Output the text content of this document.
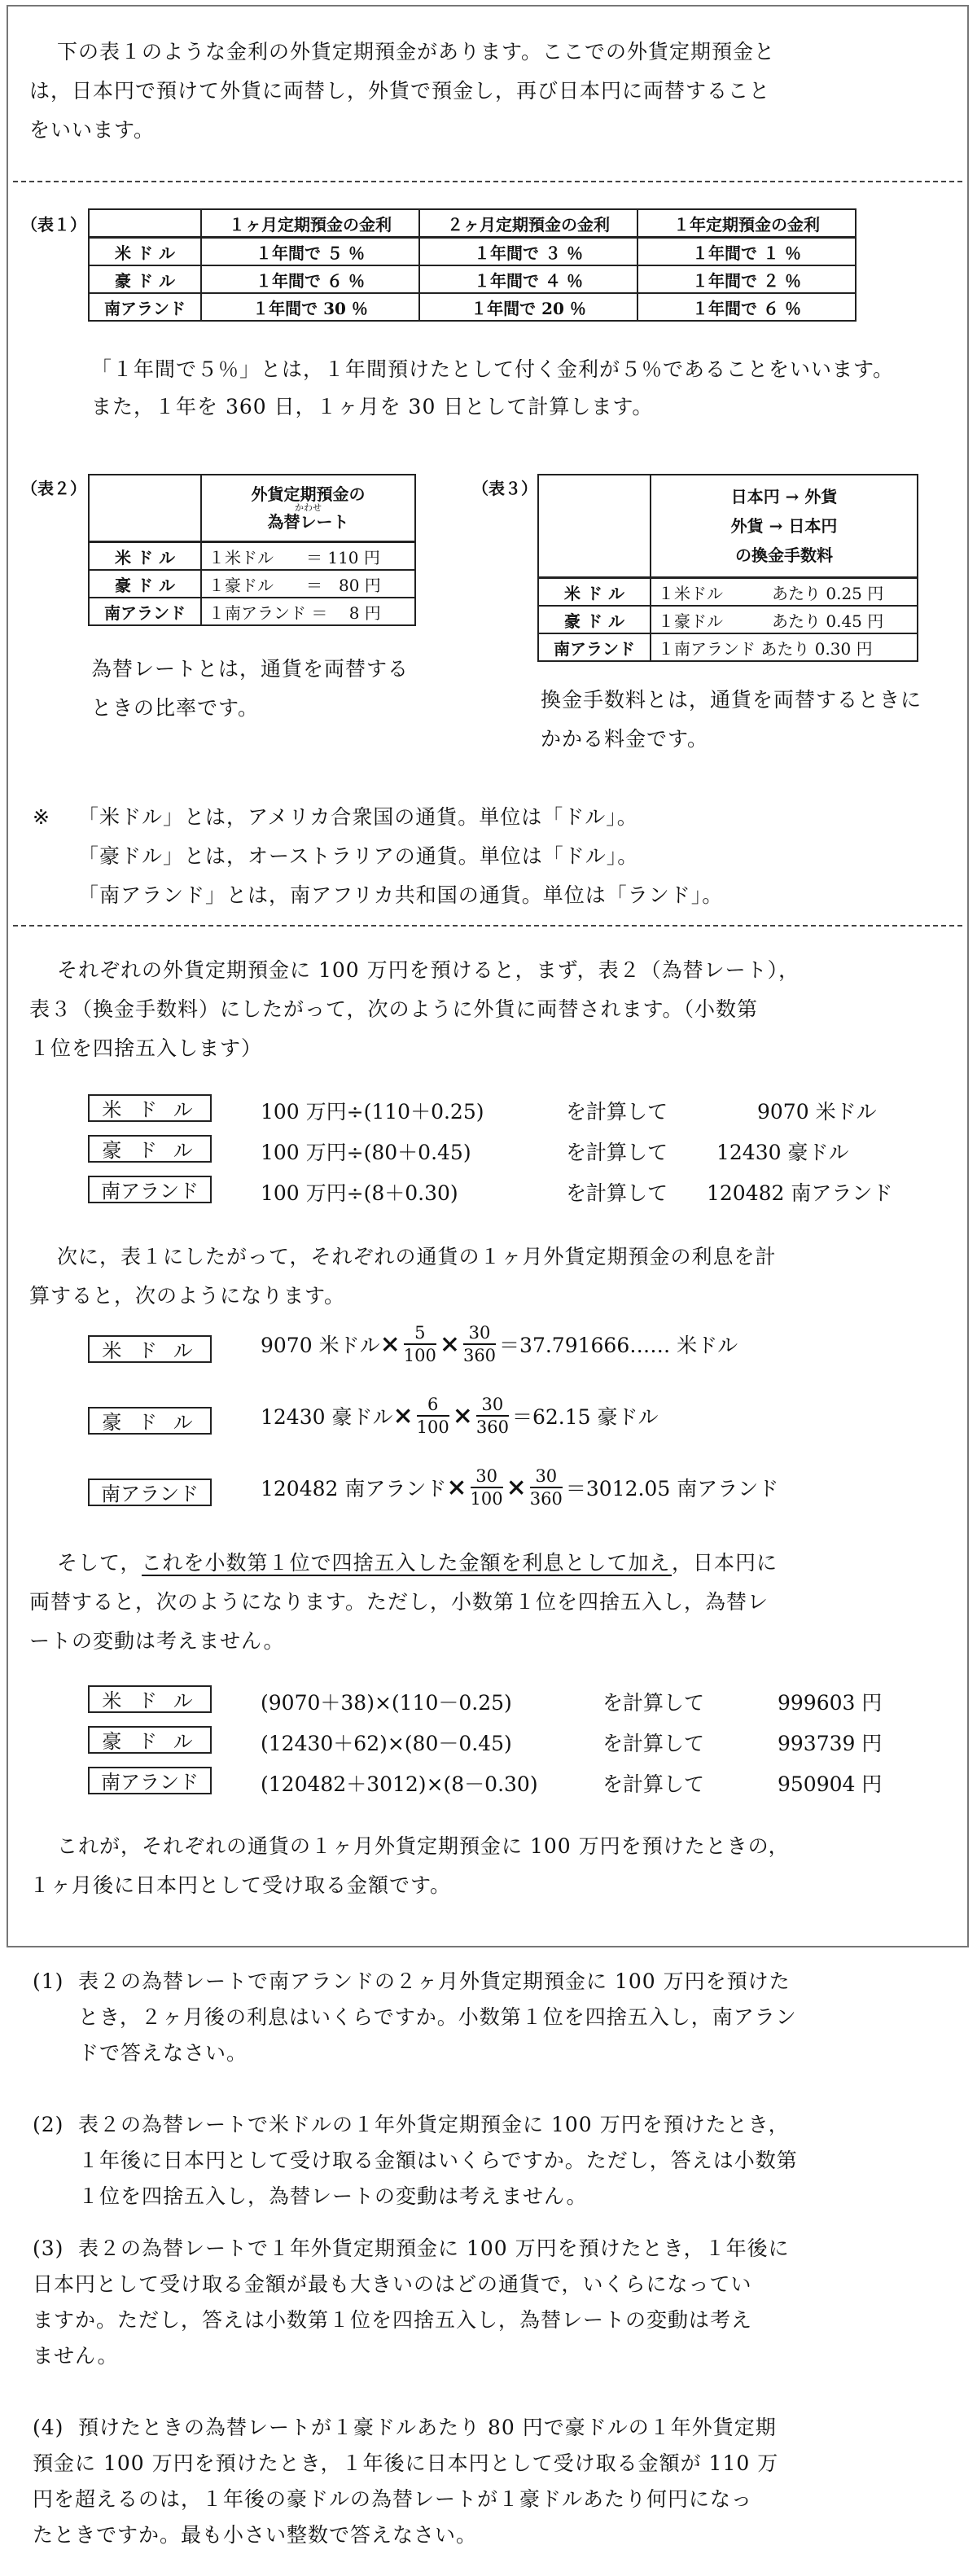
下の表１のような金利の外貨定期預金があります。ここでの外貨定期預金と
は，日本円で預けて外貨に両替し，外貨で預金し，再び日本円に両替すること
をいいます。
（表１）
		１ヶ月定期預金の金利	２ヶ月定期預金の金利	１年定期預金の金利
米 ド ル	１年間で ５ ％	１年間で ３ ％	１年間で １ ％
豪 ド ル	１年間で ６ ％	１年間で ４ ％	１年間で ２ ％
南アランド	１年間で 30 ％	１年間で 20 ％	１年間で ６ ％
「１年間で５％」とは，１年間預けたとして付く金利が５％であることをいいます。
また，１年を 360 日，１ヶ月を 30 日として計算します。
（表２）

	外貨定期預金の
かわせ
為替レート

米 ド ル	１米ドル　　＝ 110 円
豪 ド ル	１豪ドル　　＝　80 円
南アランド	１南アランド ＝　 8 円
為替レートとは，通貨を両替する
ときの比率です。
（表３）

	日本円 → 外貨
外貨 → 日本円
の換金手数料

米 ド ル	１米ドル　　　あたり 0.25 円
豪 ド ル	１豪ドル　　　あたり 0.45 円
南アランド	１南アランド あたり 0.30 円
換金手数料とは，通貨を両替するときに
かかる料金です。
※ 「米ドル」とは，アメリカ合衆国の通貨。単位は「ドル」。
「豪ドル」とは，オーストラリアの通貨。単位は「ドル」。
「南アランド」とは，南アフリカ共和国の通貨。単位は「ランド」。
それぞれの外貨定期預金に 100 万円を預けると，まず，表２（為替レート），
表３（換金手数料）にしたがって，次のように外貨に両替されます。（小数第
１位を四捨五入します）
米 ド ル	100 万円÷(110＋0.25)	を計算して	9070 米ドル
豪 ド ル	100 万円÷(80＋0.45)	を計算して 12430 豪ドル
南アランド	100 万円÷(8＋0.30)	を計算して 120482 南アランド
次に，表１にしたがって，それぞれの通貨の１ヶ月外貨定期預金の利息を計
算すると，次のようになります。
米 ド ル	9070 米ドル× $\frac{5}{100} \times \frac{30}{360}$ ＝37.791666…… 米ドル
豪 ド ル	12430 豪ドル× $\frac{6}{100} \times \frac{30}{360} =62.15$ 豪ドル
南アランド	120482 南アランド× $\frac{30}{100} \times \frac{30}{360} =3012.05$ 南アランド
そして，これを小数第１位で四捨五入した金額を利息として加え，日本円に
両替すると，次のようになります。ただし，小数第１位を四捨五入し，為替レ
ートの変動は考えません。
米 ド ル	(9070＋38)×(110－0.25)	を計算して	999603 円
豪 ド ル	(12430＋62)×(80－0.45)	を計算して	993739 円
南アランド	(120482＋3012)×(8－0.30)	を計算して	950904 円
これが，それぞれの通貨の１ヶ月外貨定期預金に 100 万円を預けたときの，
１ヶ月後に日本円として受け取る金額です。
(1) 表２の為替レートで南アランドの２ヶ月外貨定期預金に 100 万円を預けた
とき，２ヶ月後の利息はいくらですか。小数第１位を四捨五入し，南アラン
ドで答えなさい。
(2) 表２の為替レートで米ドルの１年外貨定期預金に 100 万円を預けたとき，
１年後に日本円として受け取る金額はいくらですか。ただし，答えは小数第
１位を四捨五入し，為替レートの変動は考えません。
(3) 表２の為替レートで１年外貨定期預金に 100 万円を預けたとき，１年後に
日本円として受け取る金額が最も大きいのはどの通貨で，いくらになってい
ますか。ただし，答えは小数第１位を四捨五入し，為替レートの変動は考え
ません。
(4) 預けたときの為替レートが１豪ドルあたり 80 円で豪ドルの１年外貨定期
預金に 100 万円を預けたとき，１年後に日本円として受け取る金額が 110 万
円を超えるのは，１年後の豪ドルの為替レートが１豪ドルあたり何円になっ
たときですか。最も小さい整数で答えなさい。
